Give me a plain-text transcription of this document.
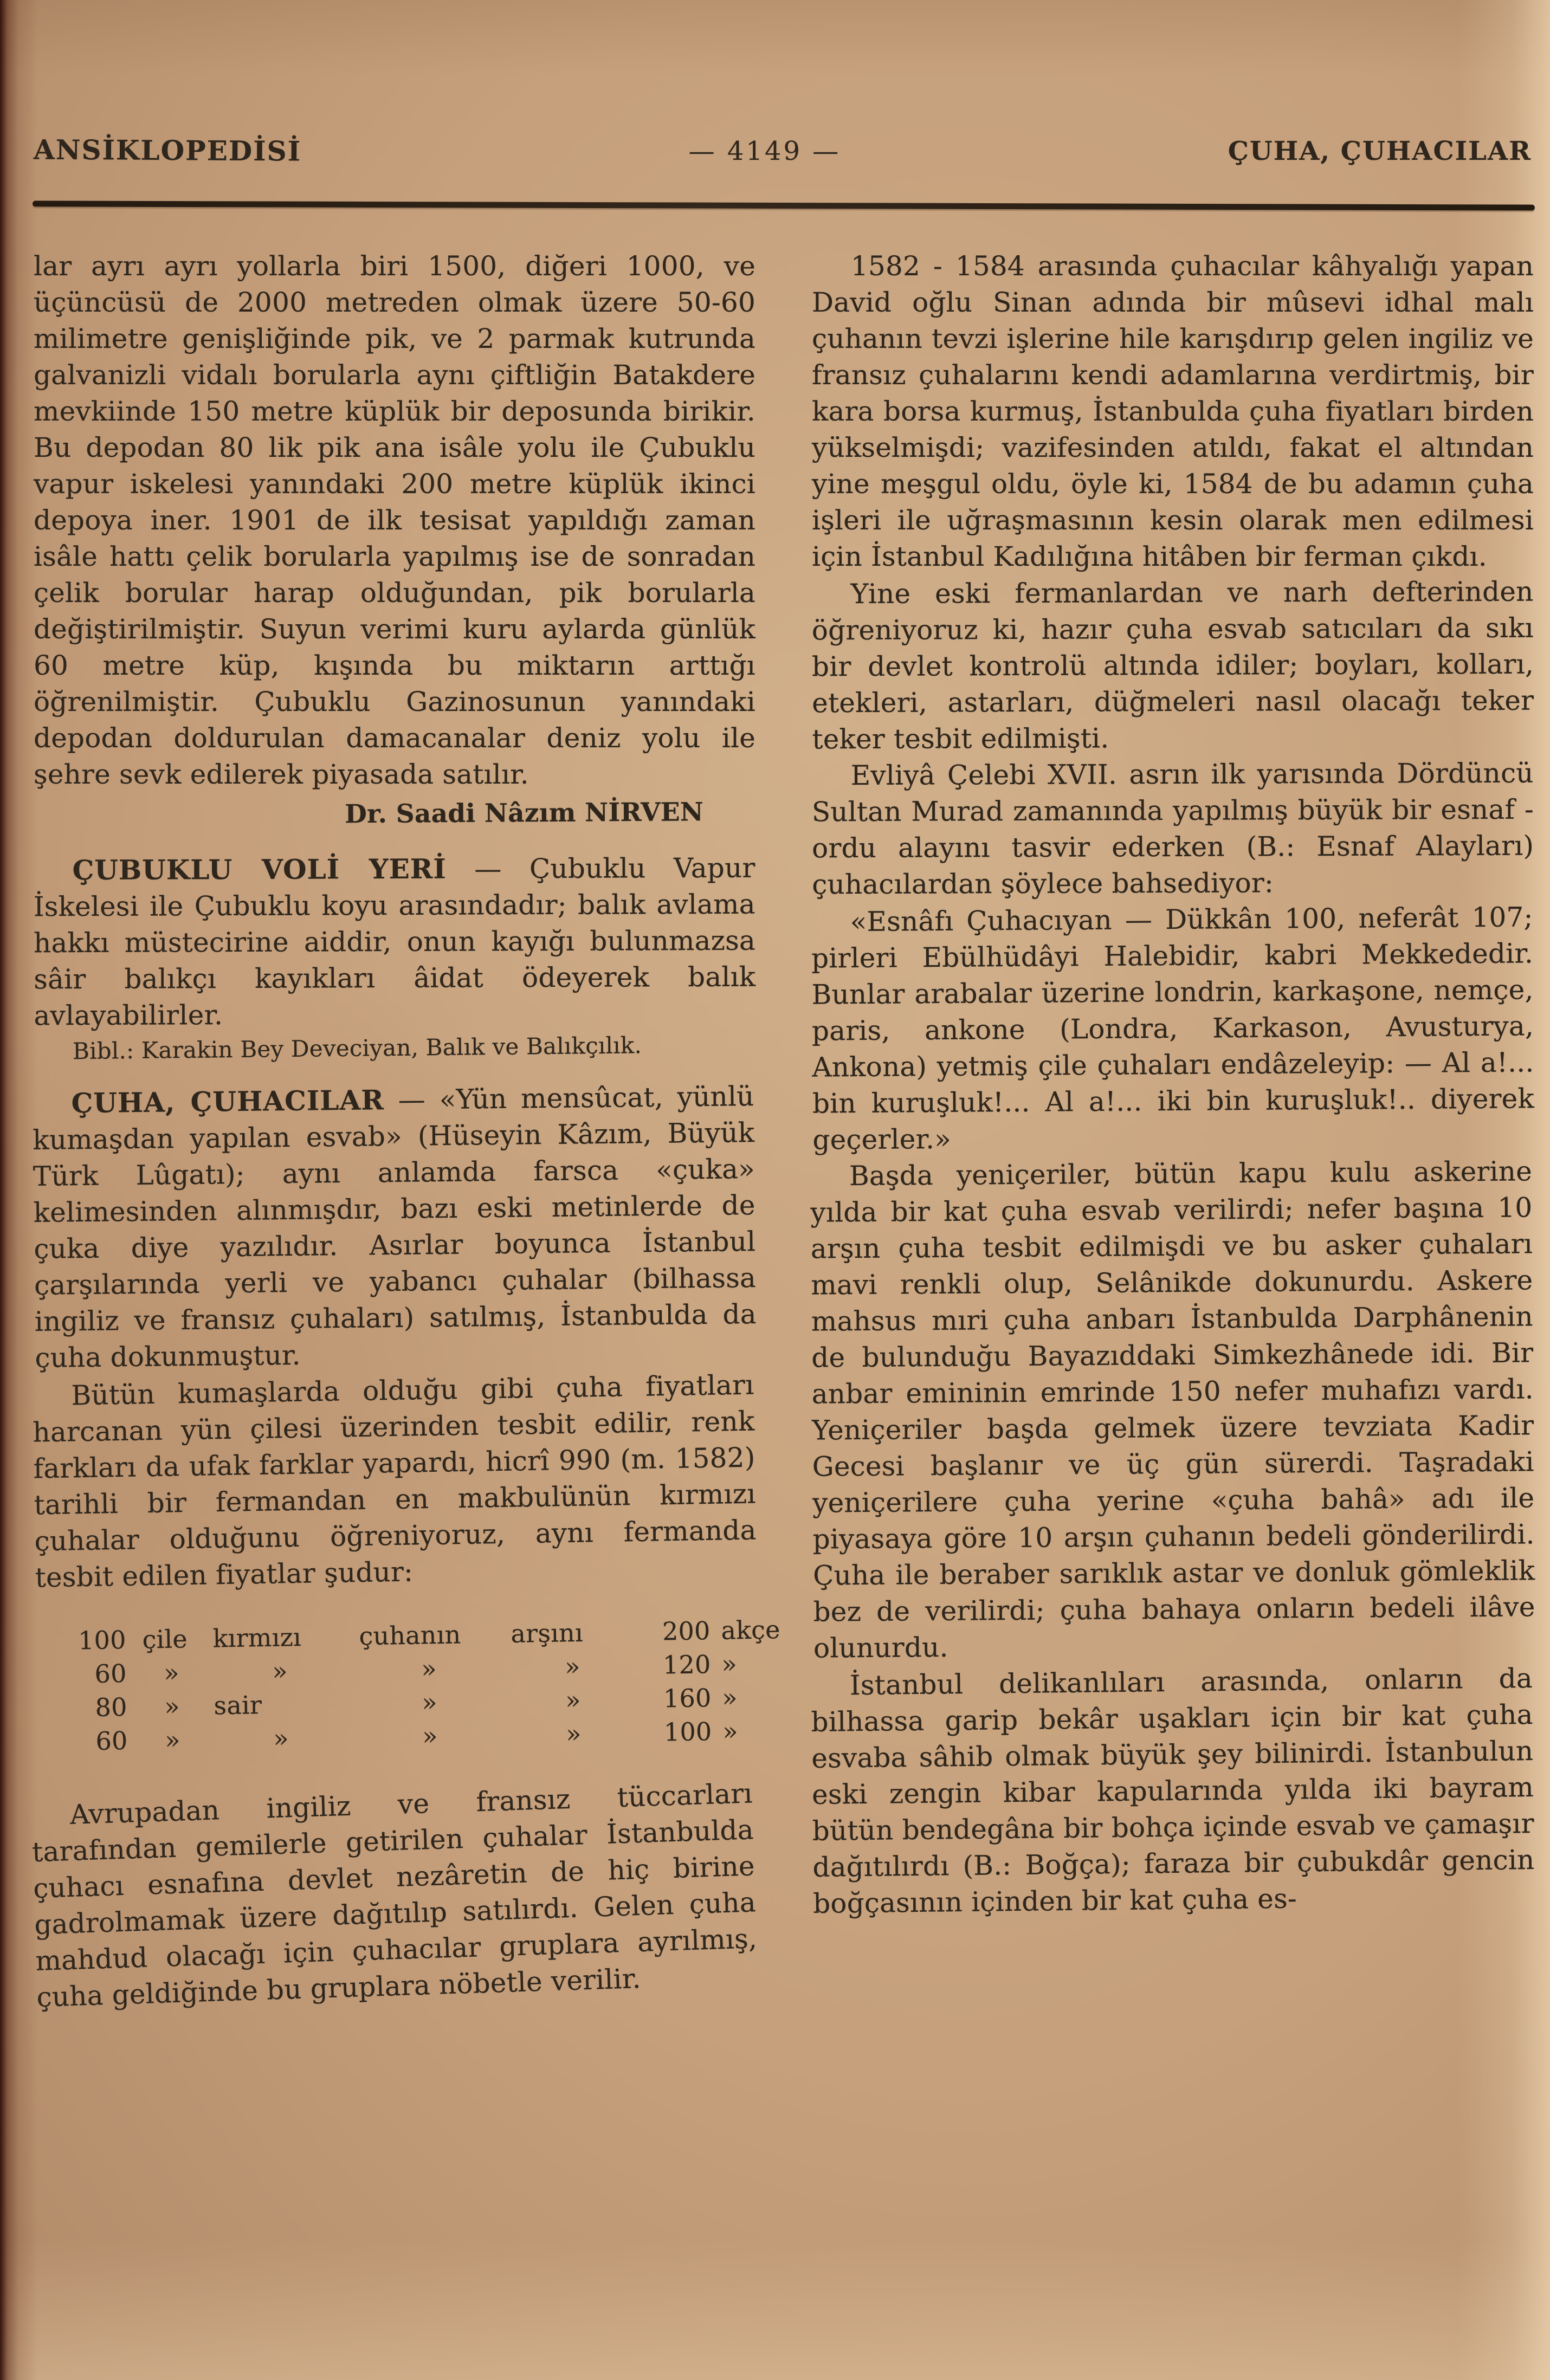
ANSİKLOPEDİSİ	— 4149 —	ÇUHA, ÇUHACILAR

lar ayrı ayrı yollarla biri 1500, diğeri 1000, ve üçüncüsü de 2000 metreden olmak üzere 50-60 milimetre genişliğinde pik, ve 2 parmak kutrunda galvanizli vidalı borularla aynı çiftliğin Batakdere mevkiinde 150 metre küplük bir deposunda birikir. Bu depodan 80 lik pik ana isâle yolu ile Çubuklu vapur iskelesi yanındaki 200 metre küplük ikinci depoya iner. 1901 de ilk tesisat yapıldığı zaman isâle hattı çelik borularla yapılmış ise de sonradan çelik borular harap olduğundan, pik borularla değiştirilmiştir. Suyun verimi kuru aylarda günlük 60 metre küp, kışında bu miktarın arttığı öğrenilmiştir. Çubuklu Gazinosunun yanındaki depodan doldurulan damacanalar deniz yolu ile şehre sevk edilerek piyasada satılır.

Dr. Saadi Nâzım NİRVEN

ÇUBUKLU VOLİ YERİ — Çubuklu Vapur İskelesi ile Çubuklu koyu arasındadır; balık avlama hakkı müstecirine aiddir, onun kayığı bulunmazsa sâir balıkçı kayıkları âidat ödeyerek balık avlayabilirler.

Bibl.: Karakin Bey Deveciyan, Balık ve Balıkçılık.

ÇUHA, ÇUHACILAR — «Yün mensûcat, yünlü kumaşdan yapılan esvab» (Hüseyin Kâzım, Büyük Türk Lûgatı); aynı anlamda farsca «çuka» kelimesinden alınmışdır, bazı eski metinlerde de çuka diye yazılıdır. Asırlar boyunca İstanbul çarşılarında yerli ve yabancı çuhalar (bilhassa ingiliz ve fransız çuhaları) satılmış, İstanbulda da çuha dokunmuştur.

Bütün kumaşlarda olduğu gibi çuha fiyatları harcanan yün çilesi üzerinden tesbit edilir, renk farkları da ufak farklar yapardı, hicrî 990 (m. 1582) tarihli bir fermandan en makbulünün kırmızı çuhalar olduğunu öğreniyoruz, aynı fermanda tesbit edilen fiyatlar şudur:

100 çile kırmızı	çuhanın	arşını	200 akçe
60	»	»	»	»	120 »
80	»	sair	»	»	160 »
60	»	»	»	»	100 »

Avrupadan ingiliz ve fransız tüccarları tarafından gemilerle getirilen çuhalar İstanbulda çuhacı esnafına devlet nezâretin de hiç birine gadrolmamak üzere dağıtılıp satılırdı. Gelen çuha mahdud olacağı için çuhacılar gruplara ayrılmış, çuha geldiğinde bu gruplara nöbetle verilir.

1582 - 1584 arasında çuhacılar kâhyalığı yapan David oğlu Sinan adında bir mûsevi idhal malı çuhanın tevzi işlerine hile karışdırıp gelen ingiliz ve fransız çuhalarını kendi adamlarına verdirtmiş, bir kara borsa kurmuş, İstanbulda çuha fiyatları birden yükselmişdi; vazifesinden atıldı, fakat el altından yine meşgul oldu, öyle ki, 1584 de bu adamın çuha işleri ile uğraşmasının kesin olarak men edilmesi için İstanbul Kadılığına hitâben bir ferman çıkdı.

Yine eski fermanlardan ve narh defterinden öğreniyoruz ki, hazır çuha esvab satıcıları da sıkı bir devlet kontrolü altında idiler; boyları, kolları, etekleri, astarları, düğmeleri nasıl olacağı teker teker tesbit edilmişti.

Evliyâ Çelebi XVII. asrın ilk yarısında Dördüncü Sultan Murad zamanında yapılmış büyük bir esnaf - ordu alayını tasvir ederken (B.: Esnaf Alayları) çuhacılardan şöylece bahsediyor:

«Esnâfı Çuhacıyan — Dükkân 100, neferât 107; pirleri Ebülhüdâyi Halebidir, kabri Mekkededir. Bunlar arabalar üzerine londrin, karkaşone, nemçe, paris, ankone (Londra, Karkason, Avusturya, Ankona) yetmiş çile çuhaları endâzeleyip: — Al a!... bin kuruşluk!... Al a!... iki bin kuruşluk!.. diyerek geçerler.»

Başda yeniçeriler, bütün kapu kulu askerine yılda bir kat çuha esvab verilirdi; nefer başına 10 arşın çuha tesbit edilmişdi ve bu asker çuhaları mavi renkli olup, Selânikde dokunurdu. Askere mahsus mıri çuha anbarı İstanbulda Darphânenin de bulunduğu Bayazıddaki Simkezhânede idi. Bir anbar emininin emrinde 150 nefer muhafızı vardı. Yeniçeriler başda gelmek üzere tevziata Kadir Gecesi başlanır ve üç gün sürerdi. Taşradaki yeniçerilere çuha yerine «çuha bahâ» adı ile piyasaya göre 10 arşın çuhanın bedeli gönderilirdi. Çuha ile beraber sarıklık astar ve donluk gömleklik bez de verilirdi; çuha bahaya onların bedeli ilâve olunurdu.

İstanbul delikanlıları arasında, onların da bilhassa garip bekâr uşakları için bir kat çuha esvaba sâhib olmak büyük şey bilinirdi. İstanbulun eski zengin kibar kapularında yılda iki bayram bütün bendegâna bir bohça içinde esvab ve çamaşır dağıtılırdı (B.: Boğça); faraza bir çubukdâr gencin boğçasının içinden bir kat çuha es-
